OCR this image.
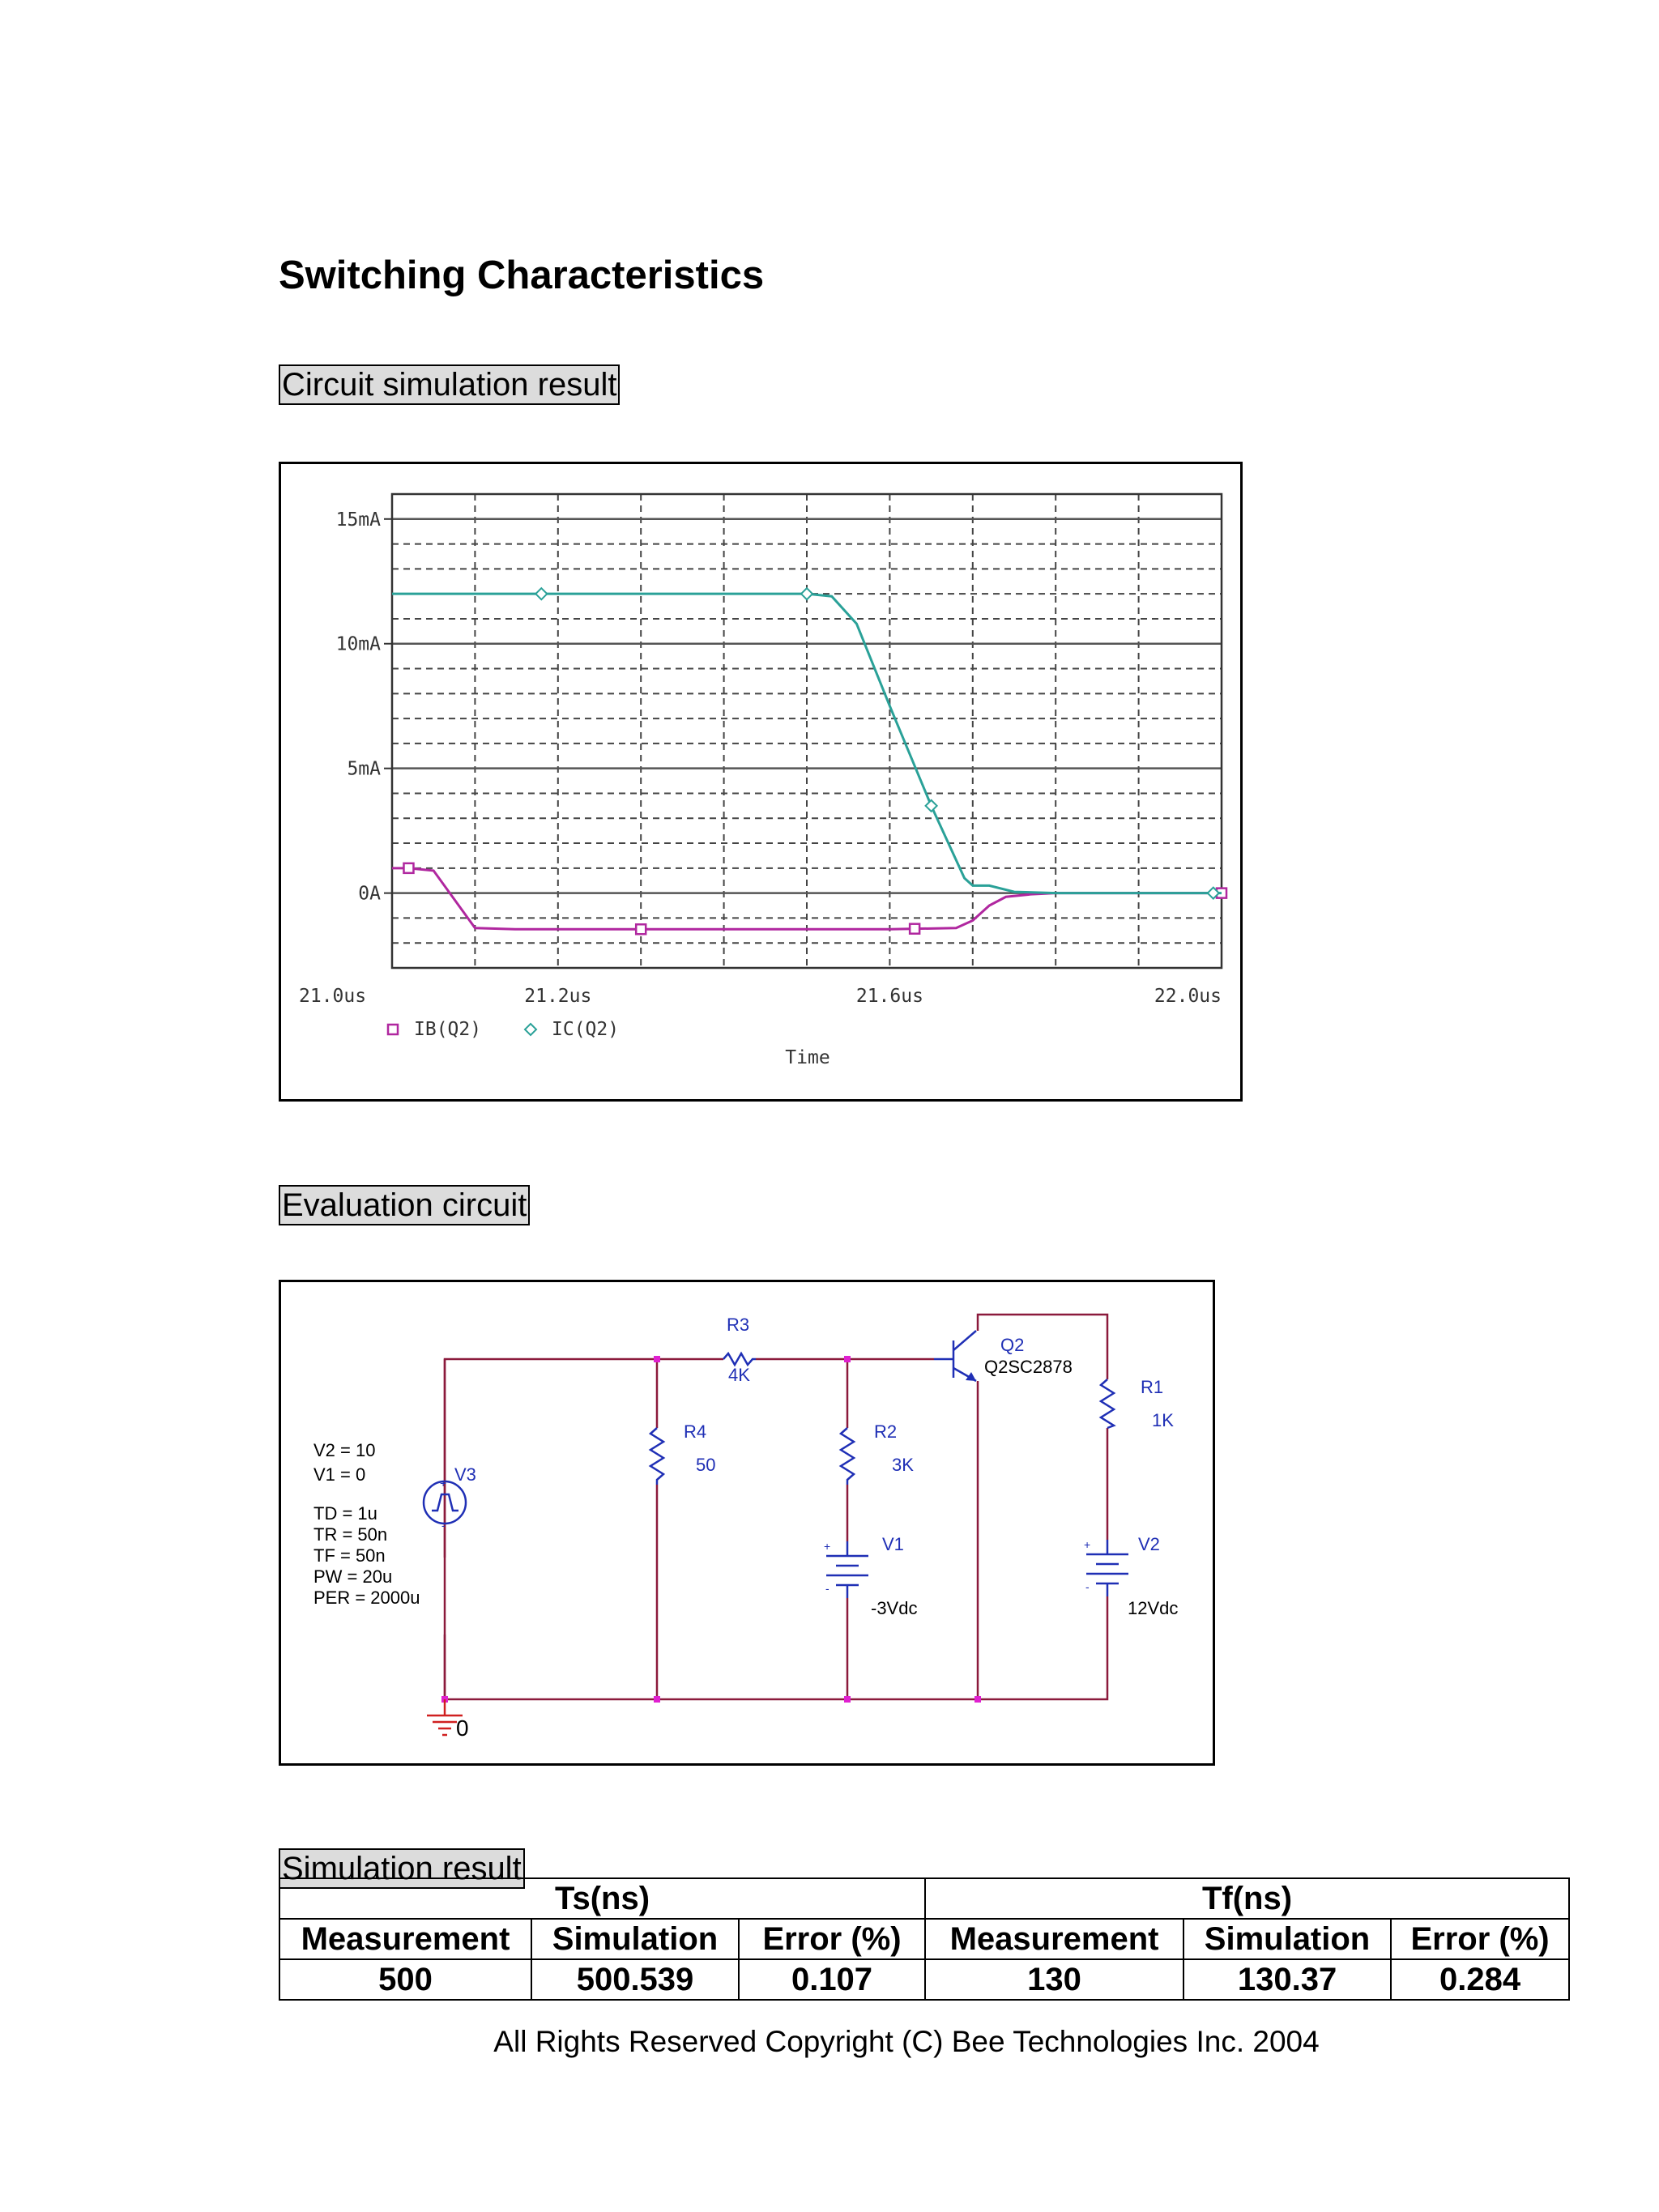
Switching Characteristics
Circuit simulation result
15mA
10mA
5mA
0A
21.0us	21.2us	21.6us	22.0us
Time
IB(Q2)	IC(Q2)
Evaluation circuit
+
-
+
-
+
-
R3
4K
R4
50
R2
3K
R1
1K
Q2
Q2SC2878
V3
V1
-3Vdc
V2
12Vdc
0
V2 = 10
V1 = 0
TD = 1u
TR = 50n
TF = 50n
PW = 20u
PER = 2000u
Simulation result
Ts(ns)			Tf(ns)		
Measurement	Simulation	Error (%)	Measurement	Simulation	Error (%)
500	500.539	0.107	130	130.37	0.284
All Rights Reserved Copyright (C) Bee Technologies Inc. 2004
